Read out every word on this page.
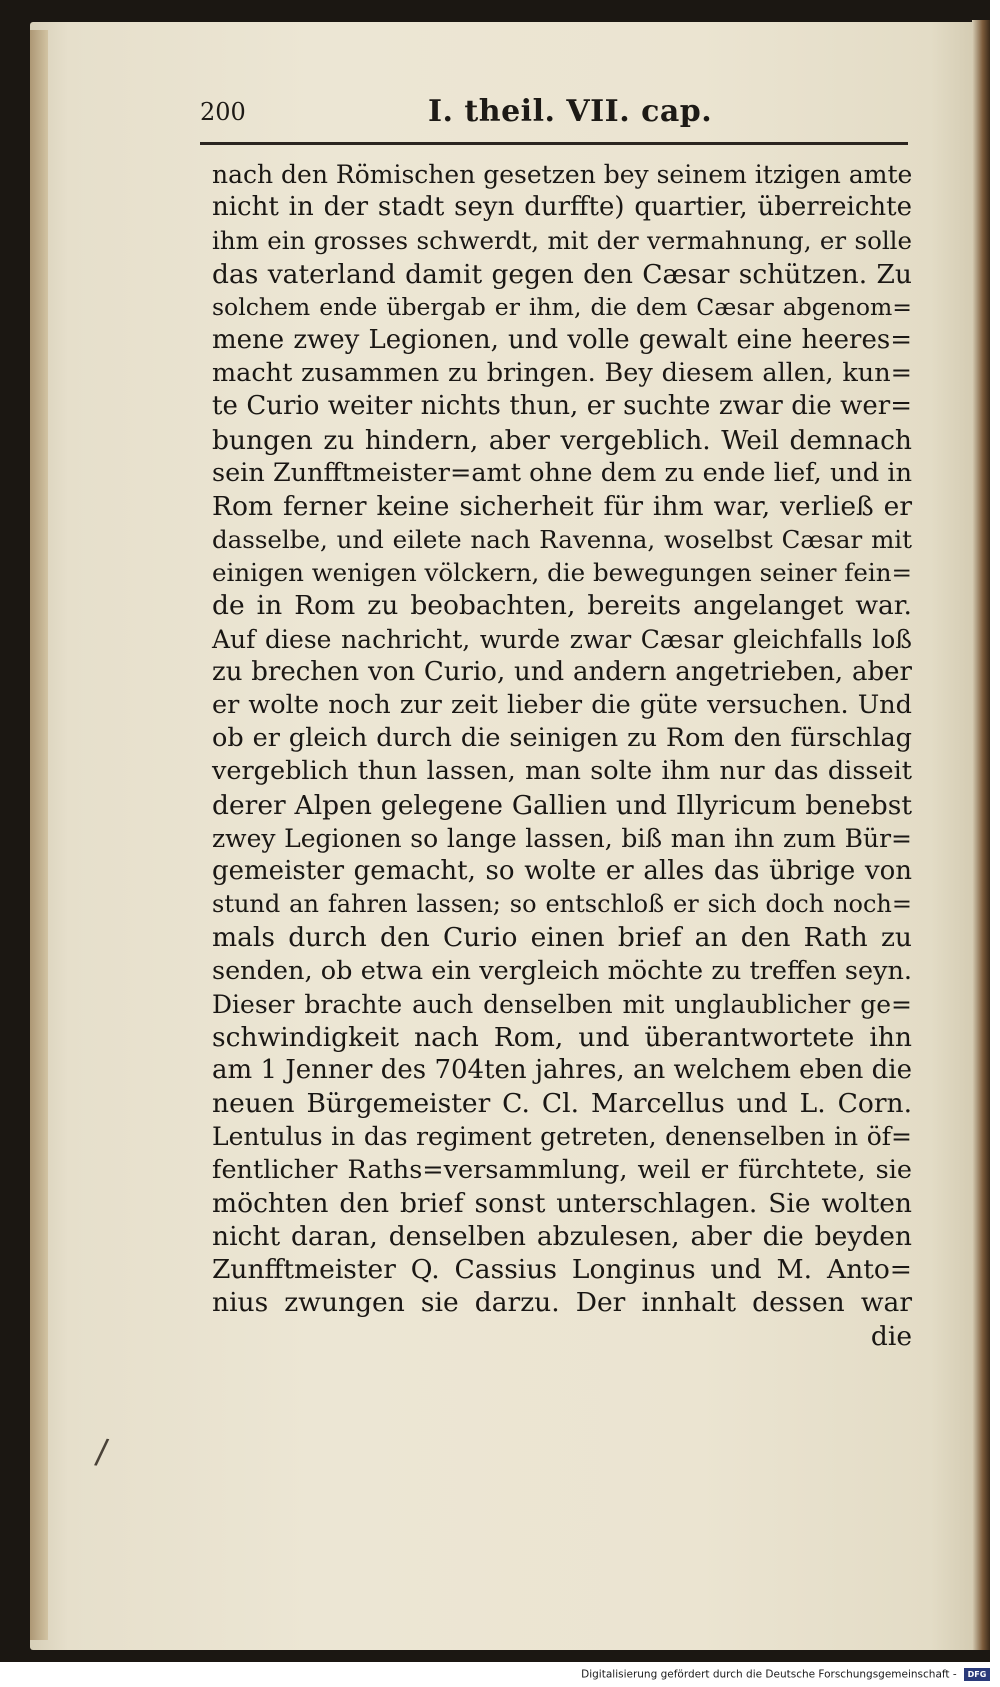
200	I. theil. VII. cap.
nach den Römischen gesetzen bey seinem itzigen amte
nicht in der stadt seyn durffte) quartier, überreichte
ihm ein grosses schwerdt, mit der vermahnung, er solle
das vaterland damit gegen den Cæsar schützen. Zu
solchem ende übergab er ihm, die dem Cæsar abgenom=
mene zwey Legionen, und volle gewalt eine heeres=
macht zusammen zu bringen. Bey diesem allen, kun=
te Curio weiter nichts thun, er suchte zwar die wer=
bungen zu hindern, aber vergeblich. Weil demnach
sein Zunfftmeister=amt ohne dem zu ende lief, und in
Rom ferner keine sicherheit für ihm war, verließ er
dasselbe, und eilete nach Ravenna, woselbst Cæsar mit
einigen wenigen völckern, die bewegungen seiner fein=
de in Rom zu beobachten, bereits angelanget war.
Auf diese nachricht, wurde zwar Cæsar gleichfalls loß
zu brechen von Curio, und andern angetrieben, aber
er wolte noch zur zeit lieber die güte versuchen. Und
ob er gleich durch die seinigen zu Rom den fürschlag
vergeblich thun lassen, man solte ihm nur das disseit
derer Alpen gelegene Gallien und Illyricum benebst
zwey Legionen so lange lassen, biß man ihn zum Bür=
gemeister gemacht, so wolte er alles das übrige von
stund an fahren lassen; so entschloß er sich doch noch=
mals durch den Curio einen brief an den Rath zu
senden, ob etwa ein vergleich möchte zu treffen seyn.
Dieser brachte auch denselben mit unglaublicher ge=
schwindigkeit nach Rom, und überantwortete ihn
am 1 Jenner des 704ten jahres, an welchem eben die
neuen Bürgemeister C. Cl. Marcellus und L. Corn.
Lentulus in das regiment getreten, denenselben in öf=
fentlicher Raths=versammlung, weil er fürchtete, sie
möchten den brief sonst unterschlagen. Sie wolten
nicht daran, denselben abzulesen, aber die beyden
Zunfftmeister Q. Cassius Longinus und M. Anto=
nius zwungen sie darzu. Der innhalt dessen war
die
/
Digitalisierung gefördert durch die Deutsche Forschungsgemeinschaft - DFG
